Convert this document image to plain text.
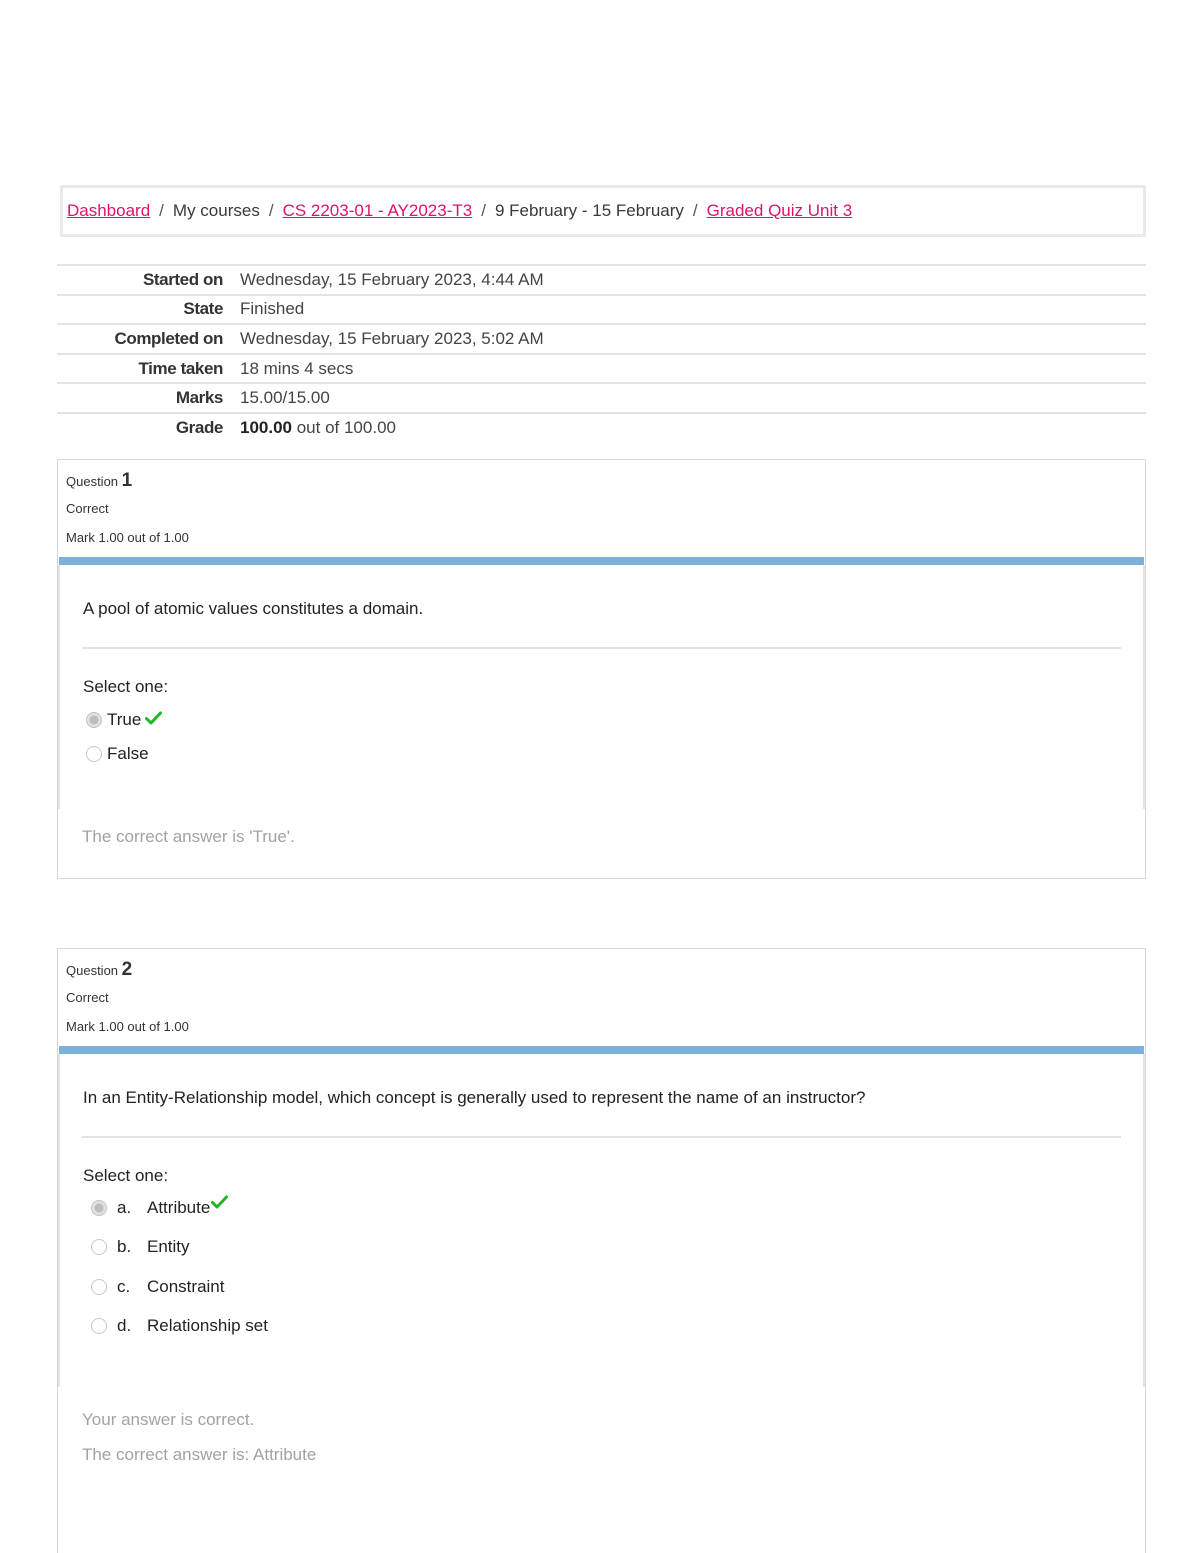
Dashboard / My courses / CS 2203-01 - AY2023-T3 / 9 February - 15 February / Graded Quiz Unit 3
Started on	Wednesday, 15 February 2023, 4:44 AM
State	Finished
Completed on	Wednesday, 15 February 2023, 5:02 AM
Time taken	18 mins 4 secs
Marks	15.00/15.00
Grade	100.00 out of 100.00
Question 1
Correct
Mark 1.00 out of 1.00
A pool of atomic values constitutes a domain.
Select one:
True
False
The correct answer is 'True'.
Question 2
Correct
Mark 1.00 out of 1.00
In an Entity-Relationship model, which concept is generally used to represent the name of an instructor?
Select one:
a. Attribute
b. Entity
c. Constraint
d. Relationship set
Your answer is correct.
The correct answer is: Attribute
